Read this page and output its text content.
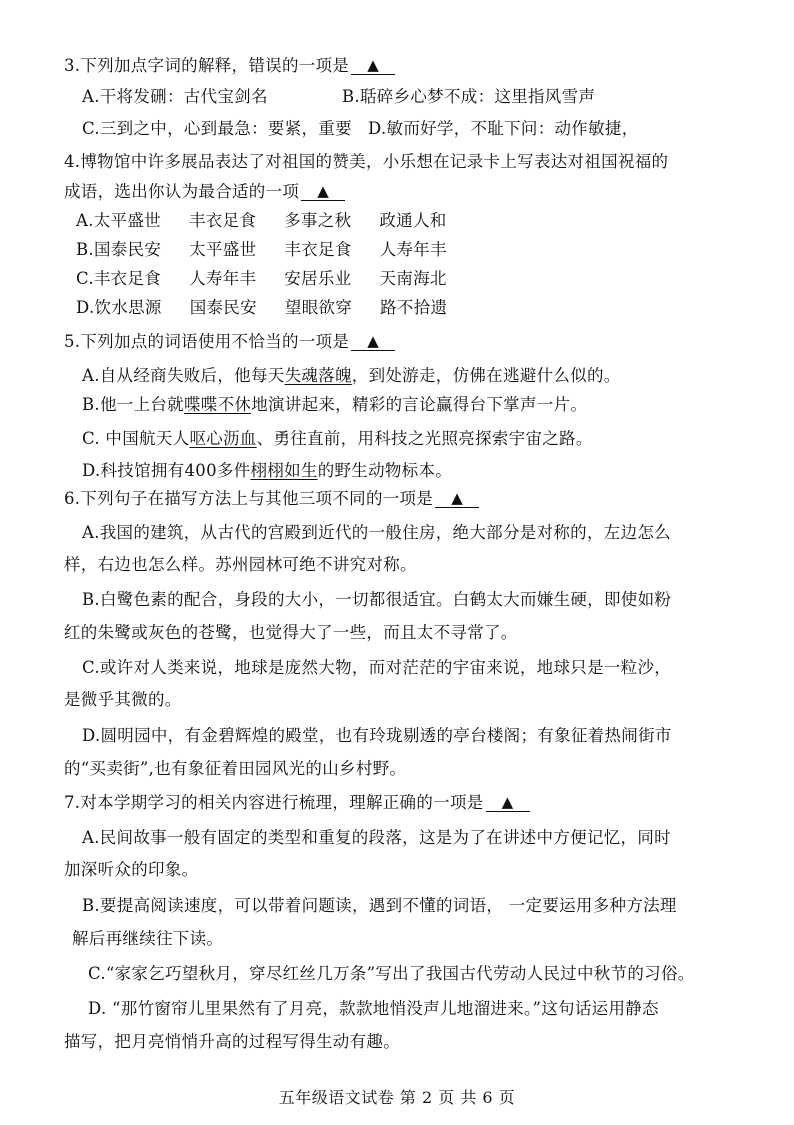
3.下列加点字词的解释，错误的一项是 ▲
A.干将发硎：古代宝剑名	B.聒碎乡心梦不成：这里指风雪声
C.三到之中，心到最急：要紧，重要 D.敏而好学，不耻下问：动作敏捷，
4.博物馆中许多展品表达了对祖国的赞美，小乐想在记录卡上写表达对祖国祝福的
成语，选出你认为最合适的一项 ▲
A.太平盛世 丰衣足食 多事之秋 政通人和
B.国泰民安 太平盛世 丰衣足食 人寿年丰
C.丰衣足食 人寿年丰 安居乐业 天南海北
D.饮水思源 国泰民安 望眼欲穿 路不拾遗
5.下列加点的词语使用不恰当的一项是 ▲
A.自从经商失败后，他每天失魂落魄，到处游走，仿佛在逃避什么似的。
B.他一上台就喋喋不休地演讲起来，精彩的言论赢得台下掌声一片。
C. 中国航天人呕心沥血、勇往直前，用科技之光照亮探索宇宙之路。
D.科技馆拥有400多件栩栩如生的野生动物标本。
6.下列句子在描写方法上与其他三项不同的一项是 ▲
A.我国的建筑，从古代的宫殿到近代的一般住房，绝大部分是对称的，左边怎么
样，右边也怎么样。苏州园林可绝不讲究对称。
B.白鹭色素的配合，身段的大小，一切都很适宜。白鹤太大而嫌生硬，即使如粉
红的朱鹭或灰色的苍鹭，也觉得大了一些，而且太不寻常了。
C.或许对人类来说，地球是庞然大物，而对茫茫的宇宙来说，地球只是一粒沙，
是微乎其微的。
D.圆明园中，有金碧辉煌的殿堂，也有玲珑剔透的亭台楼阁；有象征着热闹街市
的“买卖街”,也有象征着田园风光的山乡村野。
7.对本学期学习的相关内容进行梳理，理解正确的一项是 ▲
A.民间故事一般有固定的类型和重复的段落，这是为了在讲述中方便记忆，同时
加深听众的印象。
B.要提高阅读速度，可以带着问题读，遇到不懂的词语， 一定要运用多种方法理
解后再继续往下读。
C.“家家乞巧望秋月，穿尽红丝几万条”写出了我国古代劳动人民过中秋节的习俗。
D. “那竹窗帘儿里果然有了月亮，款款地悄没声儿地溜进来。”这句话运用静态
描写，把月亮悄悄升高的过程写得生动有趣。
五年级语文试卷 第 2 页 共 6 页
